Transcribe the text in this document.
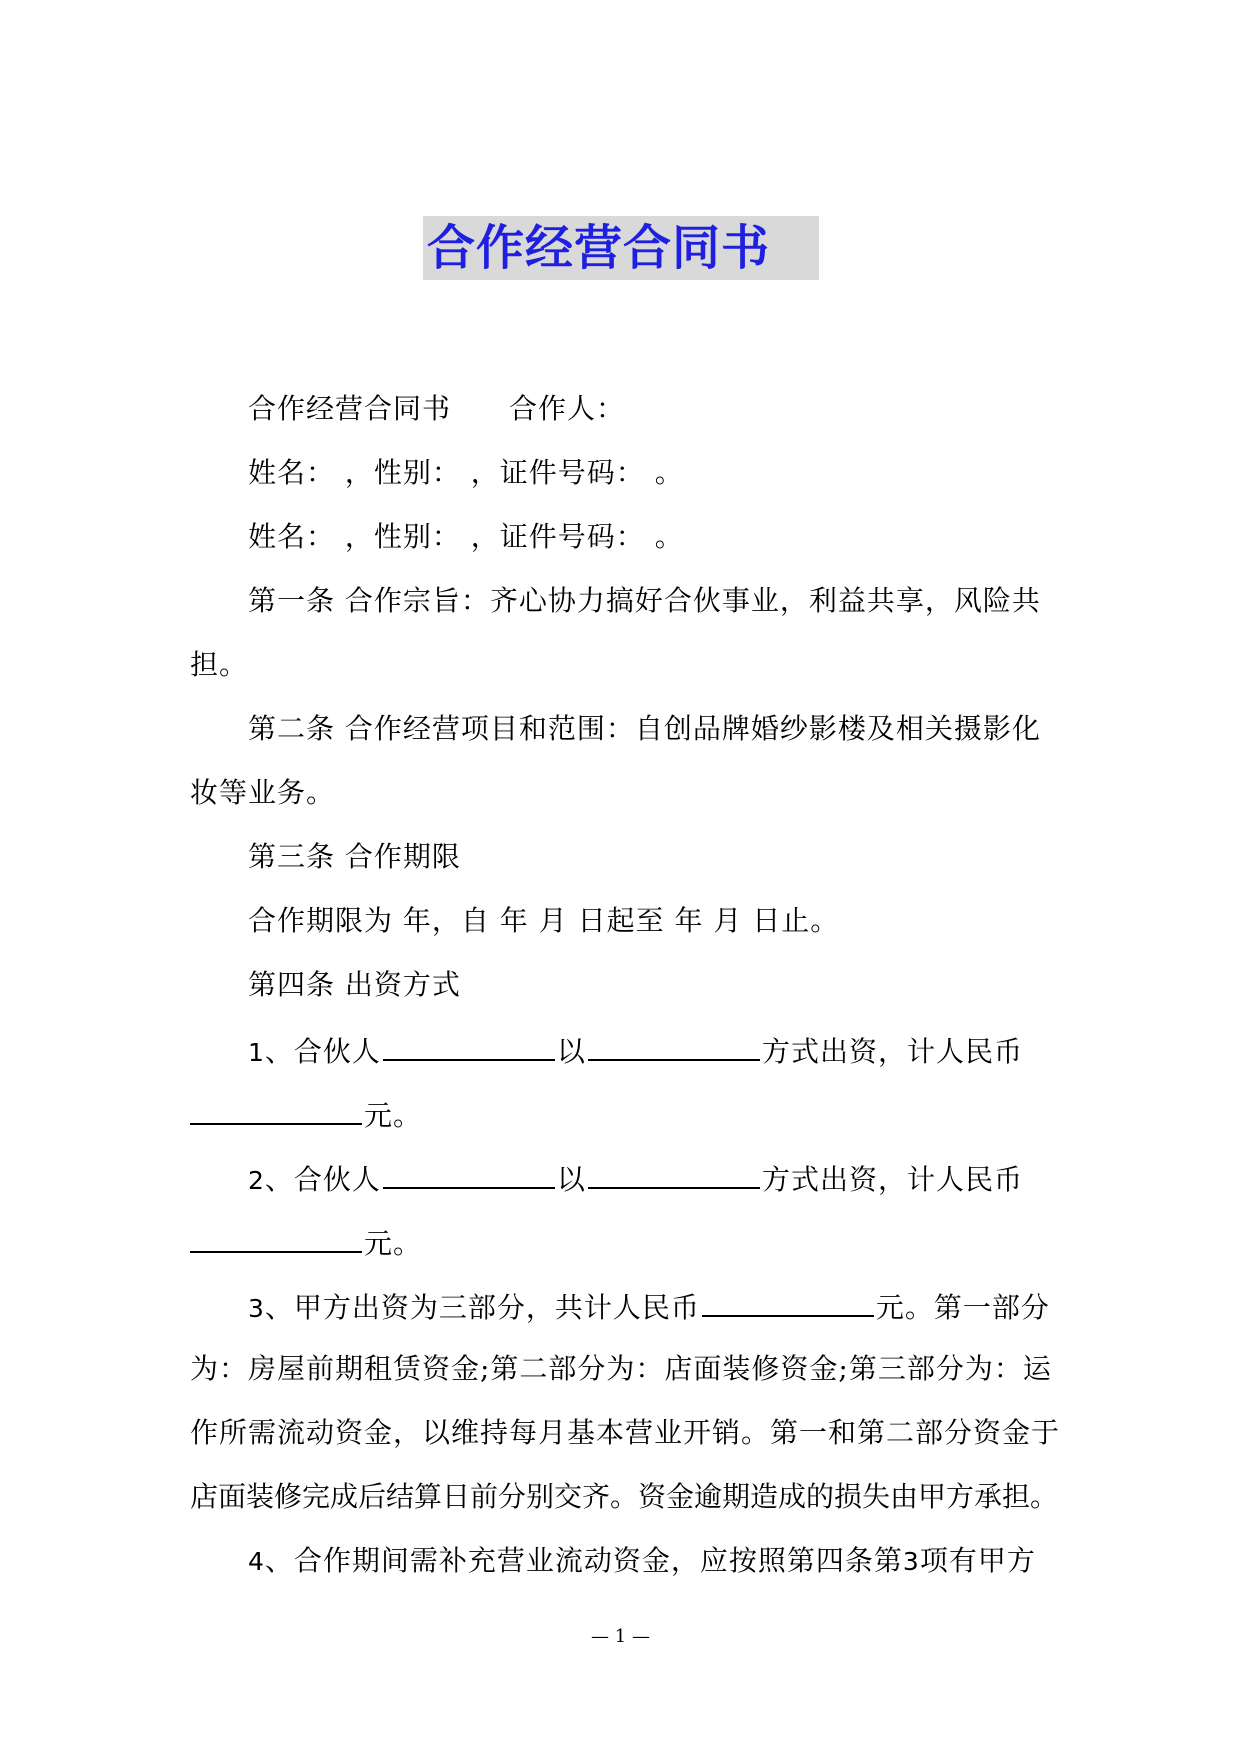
合作经营合同书
合作经营合同书 合作人：
姓名： ，性别： ，证件号码： 。
姓名： ，性别： ，证件号码： 。
第一条 合作宗旨：齐心协力搞好合伙事业，利益共享，风险共
担。
第二条 合作经营项目和范围：自创品牌婚纱影楼及相关摄影化
妆等业务。
第三条 合作期限
合作期限为 年，自 年 月 日起至 年 月 日止。
第四条 出资方式
1、合伙人	以	方式出资，计人民币
元。
2、合伙人	以	方式出资，计人民币
元。
3、甲方出资为三部分，共计人民币	元。第一部分
为：房屋前期租赁资金;第二部分为：店面装修资金;第三部分为：运
作所需流动资金，以维持每月基本营业开销。第一和第二部分资金于
店面装修完成后结算日前分别交齐。资金逾期造成的损失由甲方承担。
4、合作期间需补充营业流动资金，应按照第四条第3项有甲方
— 1 —
